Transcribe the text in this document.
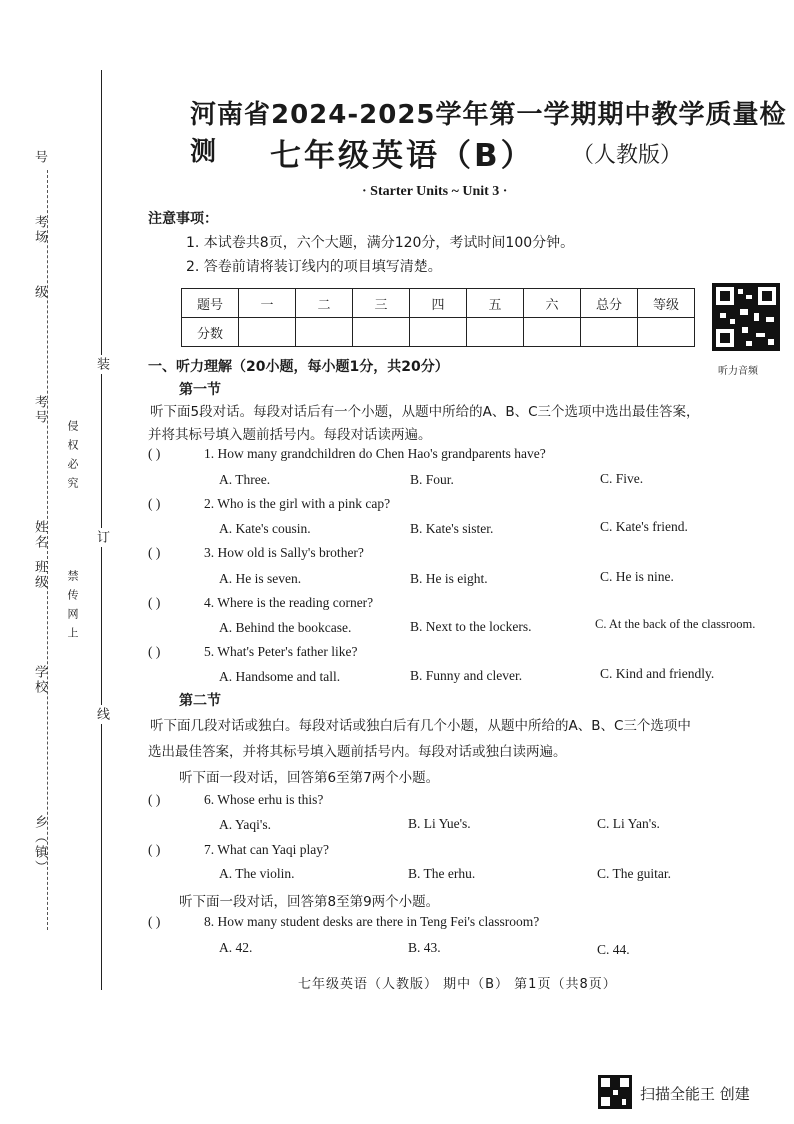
号
考场
级
考号
班级
姓名
学校
乡（镇）
侵权必究
禁传网上
装
订
线
河南省2024-2025学年第一学期期中教学质量检测	七年级英语（B） （人教版）
· Starter Units ~ Unit 3 ·
注意事项：
1. 本试卷共8页，六个大题，满分120分，考试时间100分钟。
2. 答卷前请将装订线内的项目填写清楚。
题号	一	二	三	四	五	六	总分	等级
分数								
听力音频
一、听力理解（20小题，每小题1分，共20分）
第一节
听下面5段对话。每段对话后有一个小题，从题中所给的A、B、C三个选项中选出最佳答案，
并将其标号填入题前括号内。每段对话读两遍。
( )	1. How many grandchildren do Chen Hao's grandparents have?
A. Three.	B. Four.	C. Five.
( )	2. Who is the girl with a pink cap?
A. Kate's cousin.	B. Kate's sister.	C. Kate's friend.
( )	3. How old is Sally's brother?
A. He is seven.	B. He is eight.	C. He is nine.
( )	4. Where is the reading corner?
A. Behind the bookcase.	B. Next to the lockers.	C. At the back of the classroom.
( )	5. What's Peter's father like?
A. Handsome and tall.	B. Funny and clever.	C. Kind and friendly.
第二节
听下面几段对话或独白。每段对话或独白后有几个小题，从题中所给的A、B、C三个选项中
选出最佳答案，并将其标号填入题前括号内。每段对话或独白读两遍。
听下面一段对话，回答第6至第7两个小题。
( )	6. Whose erhu is this?
A. Yaqi's.	B. Li Yue's.	C. Li Yan's.
( )	7. What can Yaqi play?
A. The violin.	B. The erhu.	C. The guitar.
听下面一段对话，回答第8至第9两个小题。
( )	8. How many student desks are there in Teng Fei's classroom?
A. 42.	B. 43.	C. 44.
七年级英语（人教版） 期中（B） 第1页（共8页）
扫描全能王 创建
